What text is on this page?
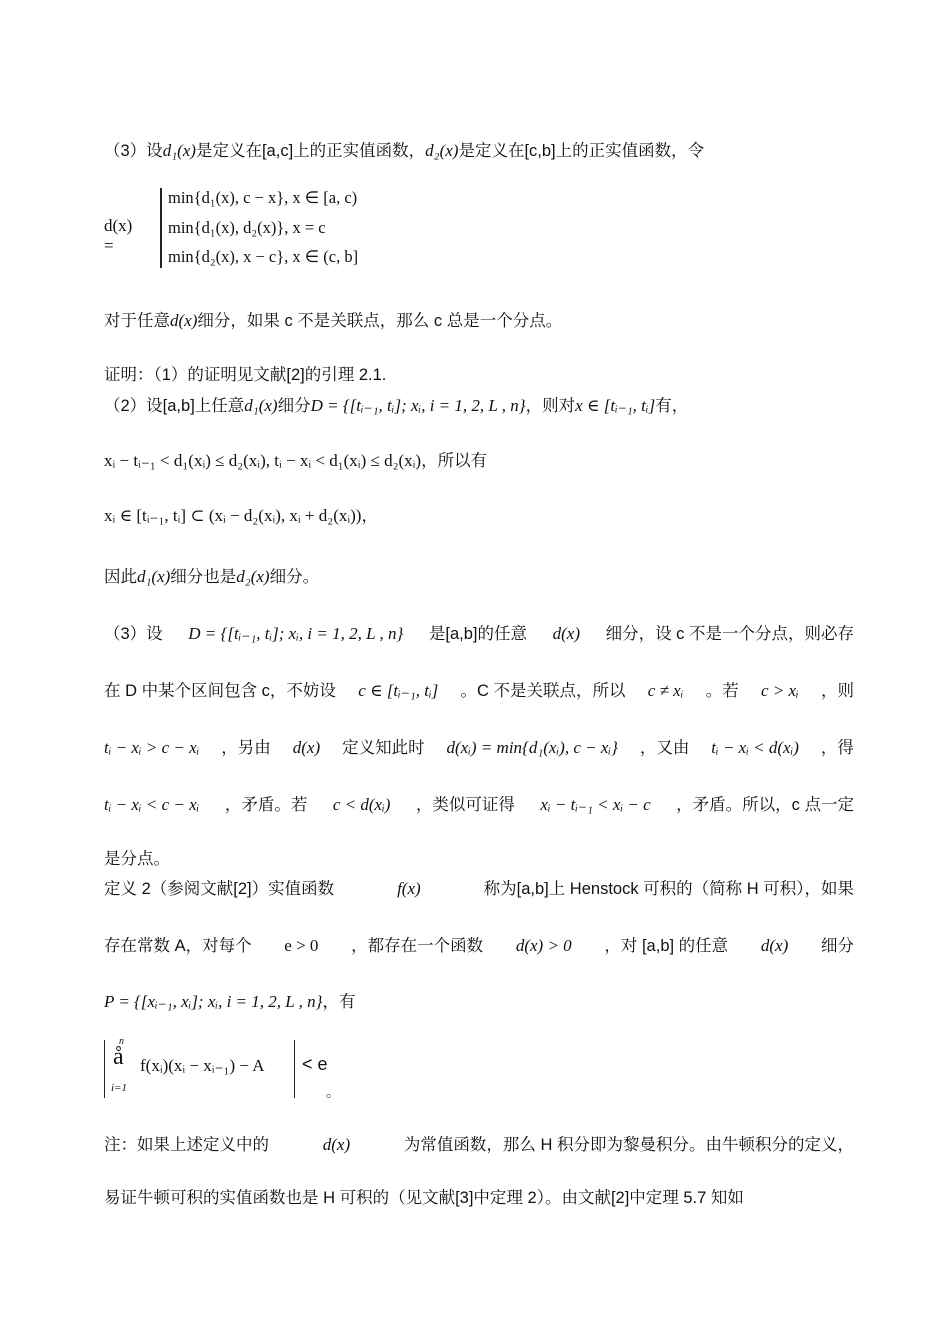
（3）设d₁(x)是定义在[a,c]上的正实值函数，d₂(x)是定义在[c,b]上的正实值函数，令
d(x) =
min{d₁(x), c − x}, x ∈ [a, c)
min{d₁(x), d₂(x)}, x = c
min{d₂(x), x − c}, x ∈ (c, b]
对于任意d(x)细分，如果 c 不是关联点，那么 c 总是一个分点。
证明：（1）的证明见文献[2]的引理 2.1.
（2）设[a,b]上任意d₁(x)细分D = {[tᵢ₋₁, tᵢ]; xᵢ, i = 1, 2, L , n}，则对x ∈ [tᵢ₋₁, tᵢ]有，
xᵢ − tᵢ₋₁ < d₁(xᵢ) ≤ d₂(xᵢ), tᵢ − xᵢ < d₁(xᵢ) ≤ d₂(xᵢ)，所以有
xᵢ ∈ [tᵢ₋₁, tᵢ] ⊂ (xᵢ − d₂(xᵢ), xᵢ + d₂(xᵢ))，
因此d₁(x)细分也是d₂(x)细分。
（3）设 D = {[tᵢ₋₁, tᵢ]; xᵢ, i = 1, 2, L , n} 是[a,b]的任意 d(x) 细分，设 c 不是一个分点，则必存
在 D 中某个区间包含 c，不妨设 c ∈ [tᵢ₋₁, tᵢ] 。C 不是关联点，所以 c ≠ xᵢ 。若 c > xᵢ ，则
tᵢ − xᵢ > c − xᵢ ，另由 d(x) 定义知此时 d(xᵢ) = min{d₁(xᵢ), c − xᵢ} ，又由 tᵢ − xᵢ < d(xᵢ) ，得
tᵢ − xᵢ < c − xᵢ ，矛盾。若 c < d(xᵢ) ，类似可证得 xᵢ − tᵢ₋₁ < xᵢ − c ，矛盾。所以，c 点一定
是分点。
定义 2（参阅文献[2]）实值函数	f(x)	称为[a,b]上 Henstock 可积的（简称 H 可积），如果
存在常数 A，对每个 e > 0 ，都存在一个函数 d(x) > 0 ，对 [a,b] 的任意 d(x) 细分
P = {[xᵢ₋₁, xᵢ]; xᵢ, i = 1, 2, L , n}，有
n
å
i=1
f(xᵢ)(xᵢ − xᵢ₋₁) − A < e
。
注：如果上述定义中的	d(x)	为常值函数，那么 H 积分即为黎曼积分。由牛顿积分的定义，
易证牛顿可积的实值函数也是 H 可积的（见文献[3]中定理 2）。由文献[2]中定理 5.7 知如
